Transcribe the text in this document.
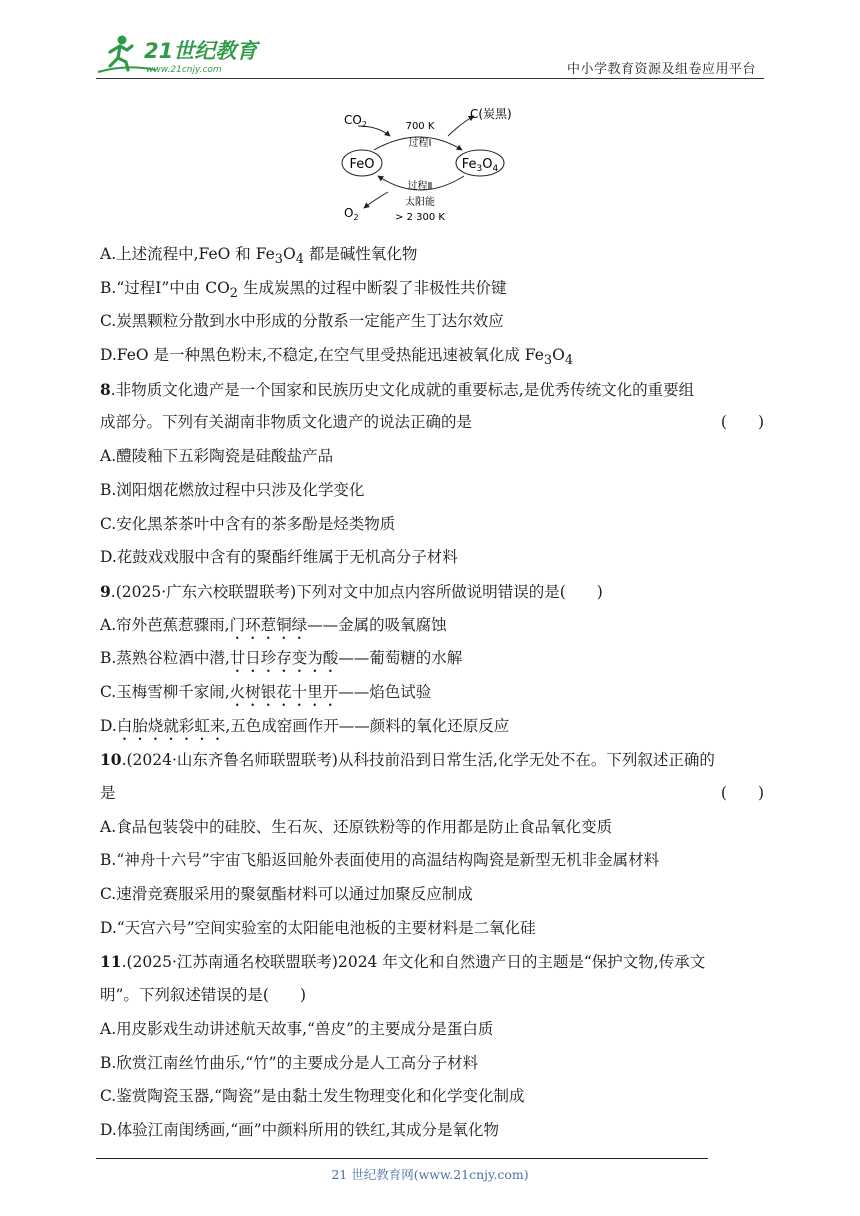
21世纪教育
www.21cnjy.com	中小学教育资源及组卷应用平台
FeO	$Fe_3O_4$
$CO_2$
C(炭黑)
$O_2$
700 K
过程Ⅰ
过程Ⅱ
太阳能
> 2 300 K
A.上述流程中,FeO 和 $Fe_3O_4$ 都是碱性氧化物
B.“过程Ⅰ”中由 $CO_2$ 生成炭黑的过程中断裂了非极性共价键
C.炭黑颗粒分散到水中形成的分散系一定能产生丁达尔效应
D.FeO 是一种黑色粉末,不稳定,在空气里受热能迅速被氧化成 $Fe_3O_4$
8.非物质文化遗产是一个国家和民族历史文化成就的重要标志,是优秀传统文化的重要组
成部分。下列有关湖南非物质文化遗产的说法正确的是	(　　)
A.醴陵釉下五彩陶瓷是硅酸盐产品
B.浏阳烟花燃放过程中只涉及化学变化
C.安化黑茶茶叶中含有的茶多酚是烃类物质
D.花鼓戏戏服中含有的聚酯纤维属于无机高分子材料
9.(2025·广东六校联盟联考)下列对文中加点内容所做说明错误的是(　　)
A.帘外芭蕉惹骤雨,门环惹铜绿——金属的吸氧腐蚀
B.蒸熟谷粒酒中潜,廿日珍存变为酸——葡萄糖的水解
C.玉梅雪柳千家闹,火树银花十里开——焰色试验
D.白胎烧就彩虹来,五色成窑画作开——颜料的氧化还原反应
10.(2024·山东齐鲁名师联盟联考)从科技前沿到日常生活,化学无处不在。下列叙述正确的
是	(　　)
A.食品包装袋中的硅胶、生石灰、还原铁粉等的作用都是防止食品氧化变质
B.“神舟十六号”宇宙飞船返回舱外表面使用的高温结构陶瓷是新型无机非金属材料
C.速滑竞赛服采用的聚氨酯材料可以通过加聚反应制成
D.“天宫六号”空间实验室的太阳能电池板的主要材料是二氧化硅
11.(2025·江苏南通名校联盟联考)2024 年文化和自然遗产日的主题是“保护文物,传承文
明”。下列叙述错误的是(　　)
A.用皮影戏生动讲述航天故事,“兽皮”的主要成分是蛋白质
B.欣赏江南丝竹曲乐,“竹”的主要成分是人工高分子材料
C.鉴赏陶瓷玉器,“陶瓷”是由黏土发生物理变化和化学变化制成
D.体验江南闺绣画,“画”中颜料所用的铁红,其成分是氧化物
21 世纪教育网(www.21cnjy.com)
